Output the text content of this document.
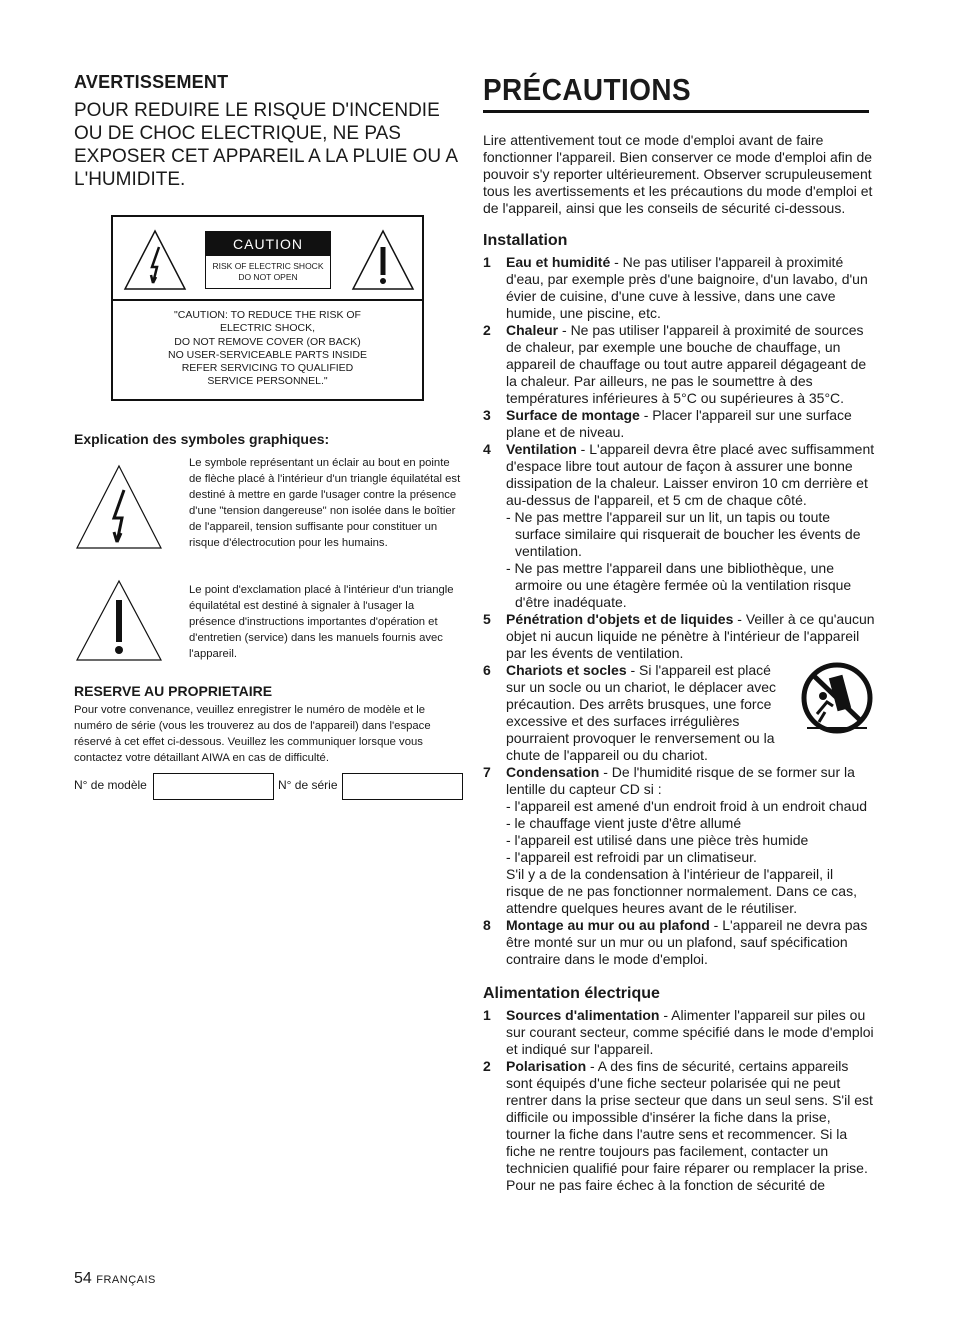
AVERTISSEMENT

POUR REDUIRE LE RISQUE D'INCENDIE OU DE CHOC ELECTRIQUE, NE PAS EXPOSER CET APPAREIL A LA PLUIE OU A L'HUMIDITE.

CAUTION
RISK OF ELECTRIC SHOCK
DO NOT OPEN
"CAUTION: TO REDUCE THE RISK OF
ELECTRIC SHOCK,
DO NOT REMOVE COVER (OR BACK)
NO USER-SERVICEABLE PARTS INSIDE
REFER SERVICING TO QUALIFIED
SERVICE PERSONNEL."
Explication des symboles graphiques:

Le symbole représentant un éclair au bout en pointe de flèche placé à l'intérieur d'un triangle équilatétal est destiné à mettre en garde l'usager contre la présence d'une "tension dangereuse" non isolée dans le boîtier de l'appareil, tension suffisante pour constituer un risque d'électrocution pour les humains.

Le point d'exclamation placé à l'intérieur d'un triangle équilatétal est destiné à signaler à l'usager la présence d'instructions importantes d'opération et d'entretien (service) dans les manuels fournis avec l'appareil.

RESERVE AU PROPRIETAIRE

Pour votre convenance, veuillez enregistrer le numéro de modèle et le numéro de série (vous les trouverez au dos de l'appareil) dans l'espace réservé à cet effet ci-dessous. Veuillez les communiquer lorsque vous contactez votre détaillant AIWA en cas de difficulté.

N° de modèle	N° de série
54 FRANÇAIS
PRÉCAUTIONS

Lire attentivement tout ce mode d'emploi avant de faire fonctionner l'appareil. Bien conserver ce mode d'emploi afin de pouvoir s'y reporter ultérieurement. Observer scrupuleusement tous les avertissements et les précautions du mode d'emploi et de l'appareil, ainsi que les conseils de sécurité ci-dessous.

Installation
1 Eau et humidité - Ne pas utiliser l'appareil à proximité d'eau, par exemple près d'une baignoire, d'un lavabo, d'un évier de cuisine, d'une cuve à lessive, dans une cave humide, une piscine, etc.
2 Chaleur - Ne pas utiliser l'appareil à proximité de sources de chaleur, par exemple une bouche de chauffage, un appareil de chauffage ou tout autre appareil dégageant de la chaleur. Par ailleurs, ne pas le soumettre à des températures inférieures à 5°C ou supérieures à 35°C.
3 Surface de montage - Placer l'appareil sur une surface plane et de niveau.
4 Ventilation - L'appareil devra être placé avec suffisamment d'espace libre tout autour de façon à assurer une bonne dissipation de la chaleur. Laisser environ 10 cm derrière et au-dessus de l'appareil, et 5 cm de chaque côté.
- Ne pas mettre l'appareil sur un lit, un tapis ou toute surface similaire qui risquerait de boucher les évents de ventilation.
- Ne pas mettre l'appareil dans une bibliothèque, une armoire ou une étagère fermée où la ventilation risque d'être inadéquate.
5 Pénétration d'objets et de liquides - Veiller à ce qu'aucun objet ni aucun liquide ne pénètre à l'intérieur de l'appareil par les évents de ventilation.
6 Chariots et socles - Si l'appareil est placé sur un socle ou un chariot, le déplacer avec précaution. Des arrêts brusques, une force excessive et des surfaces irrégulières pourraient provoquer le renversement ou la chute de l'appareil ou du chariot.
7 Condensation - De l'humidité risque de se former sur la lentille du capteur CD si :
- l'appareil est amené d'un endroit froid à un endroit chaud
- le chauffage vient juste d'être allumé
- l'appareil est utilisé dans une pièce très humide
- l'appareil est refroidi par un climatiseur.
S'il y a de la condensation à l'intérieur de l'appareil, il risque de ne pas fonctionner normalement. Dans ce cas, attendre quelques heures avant de le réutiliser.
8 Montage au mur ou au plafond - L'appareil ne devra pas être monté sur un mur ou un plafond, sauf spécification contraire dans le mode d'emploi.
Alimentation électrique
1 Sources d'alimentation - Alimenter l'appareil sur piles ou sur courant secteur, comme spécifié dans le mode d'emploi et indiqué sur l'appareil.
2 Polarisation - A des fins de sécurité, certains appareils sont équipés d'une fiche secteur polarisée qui ne peut rentrer dans la prise secteur que dans un seul sens. S'il est difficile ou impossible d'insérer la fiche dans la prise, tourner la fiche dans l'autre sens et recommencer. Si la fiche ne rentre toujours pas facilement, contacter un technicien qualifié pour faire réparer ou remplacer la prise. Pour ne pas faire échec à la fonction de sécurité de
